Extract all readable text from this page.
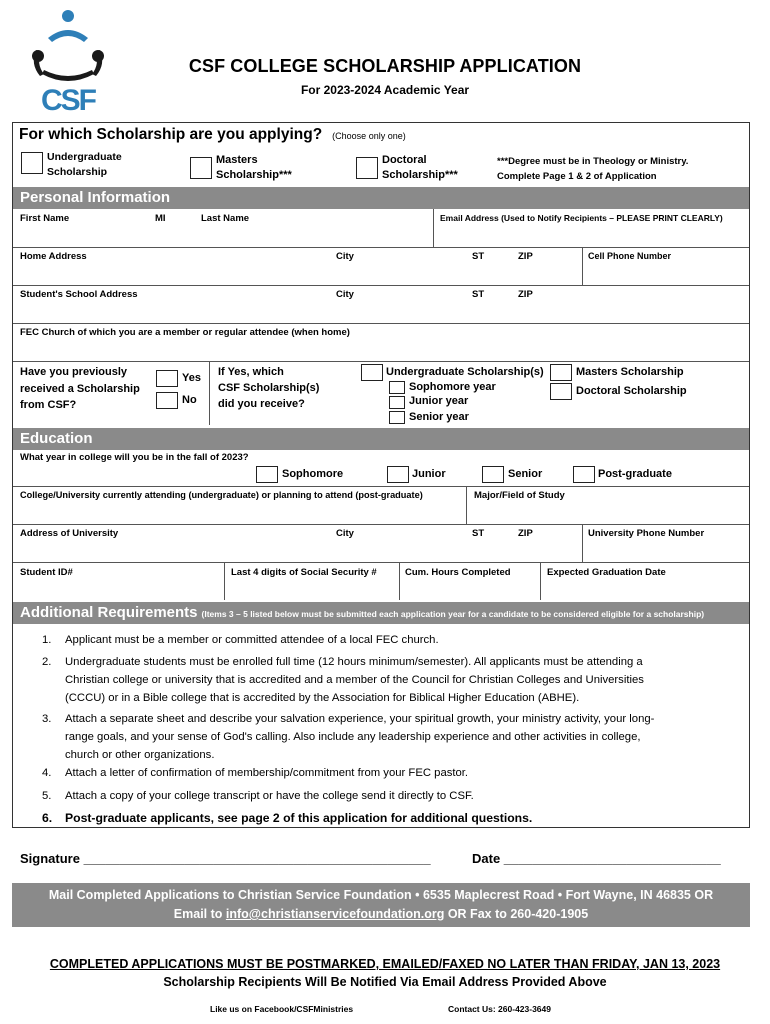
CSF
CSF COLLEGE SCHOLARSHIP APPLICATION
For 2023-2024 Academic Year
For which Scholarship are you applying? (Choose only one)
Undergraduate
Scholarship
Masters
Scholarship***
Doctoral
Scholarship***
***Degree must be in Theology or Ministry.
Complete Page 1 & 2 of Application
Personal Information
First Name	MI	Last Name	Email Address (Used to Notify Recipients – PLEASE PRINT CLEARLY)
Home Address	City	ST	ZIP	Cell Phone Number
Student's School Address	City	ST	ZIP
FEC Church of which you are a member or regular attendee (when home)
Have you previously
received a Scholarship
from CSF?
Yes
No
If Yes, which
CSF Scholarship(s)
did you receive?
Undergraduate Scholarship(s)
Sophomore year
Junior year
Senior year
Masters Scholarship
Doctoral Scholarship
Education
What year in college will you be in the fall of 2023?
Sophomore	Junior	Senior	Post-graduate
College/University currently attending (undergraduate) or planning to attend (post-graduate)	Major/Field of Study
Address of University	City	ST	ZIP	University Phone Number
Student ID#	Last 4 digits of Social Security #	Cum. Hours Completed	Expected Graduation Date
Additional Requirements (Items 3 – 5 listed below must be submitted each application year for a candidate to be considered eligible for a scholarship)
1.	Applicant must be a member or committed attendee of a local FEC church.
2.	Undergraduate students must be enrolled full time (12 hours minimum/semester). All applicants must be attending a
Christian college or university that is accredited and a member of the Council for Christian Colleges and Universities
(CCCU) or in a Bible college that is accredited by the Association for Biblical Higher Education (ABHE).
3.	Attach a separate sheet and describe your salvation experience, your spiritual growth, your ministry activity, your long-
range goals, and your sense of God's calling. Also include any leadership experience and other activities in college,
church or other organizations.
4.	Attach a letter of confirmation of membership/commitment from your FEC pastor.
5.	Attach a copy of your college transcript or have the college send it directly to CSF.
6.	Post-graduate applicants, see page 2 of this application for additional questions.
Signature ________________________________________________	Date ______________________________
Mail Completed Applications to Christian Service Foundation • 6535 Maplecrest Road • Fort Wayne, IN 46835 OR
Email to info@christianservicefoundation.org OR Fax to 260-420-1905
COMPLETED APPLICATIONS MUST BE POSTMARKED, EMAILED/FAXED NO LATER THAN FRIDAY, JAN 13, 2023
Scholarship Recipients Will Be Notified Via Email Address Provided Above
Like us on Facebook/CSFMinistries	Contact Us: 260-423-3649
